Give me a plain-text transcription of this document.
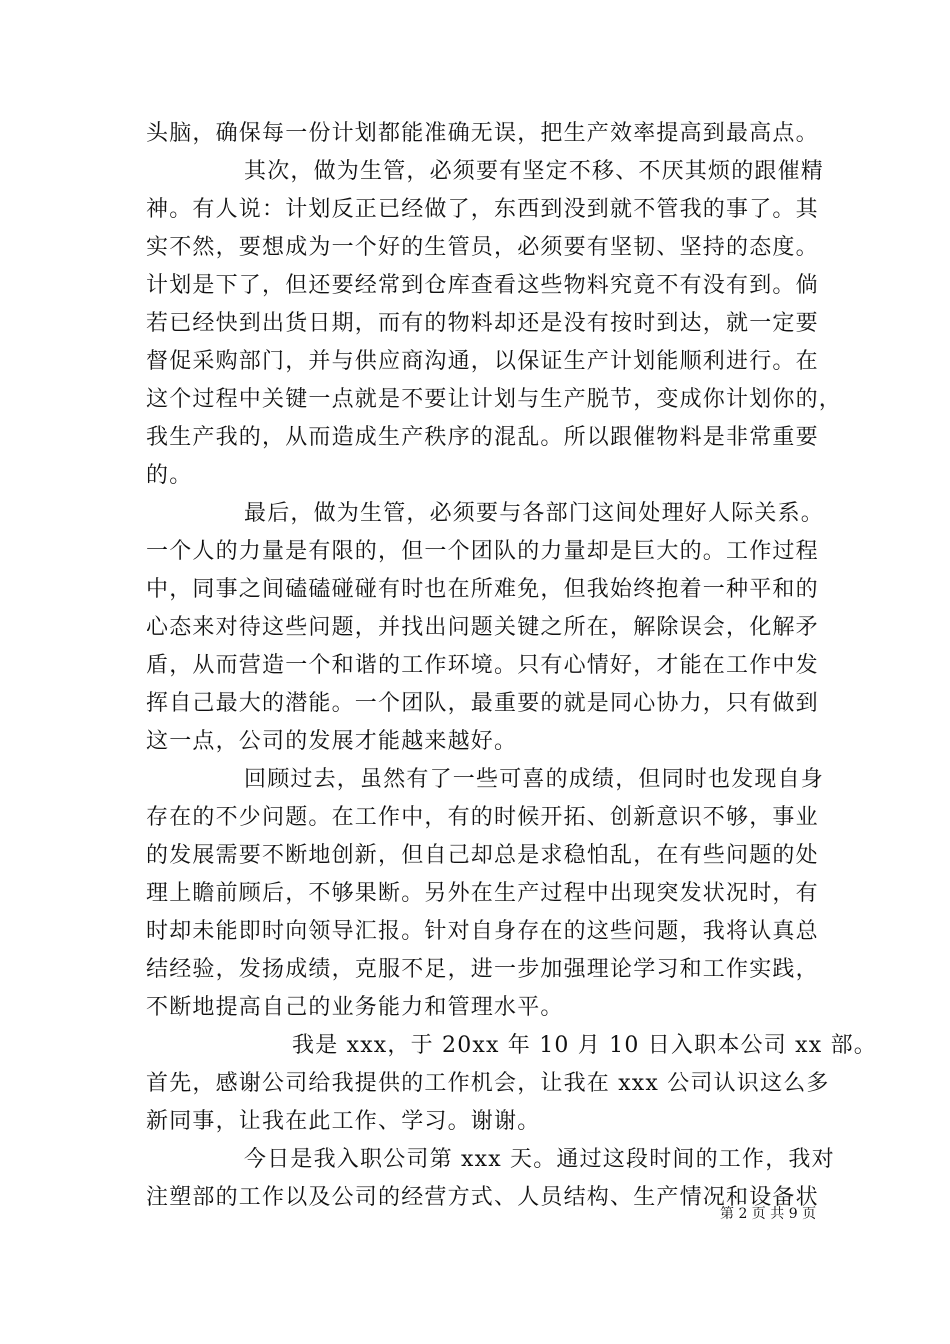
头脑，确保每一份计划都能准确无误，把生产效率提高到最高点。
其次，做为生管，必须要有坚定不移、不厌其烦的跟催精
神。有人说：计划反正已经做了，东西到没到就不管我的事了。其
实不然，要想成为一个好的生管员，必须要有坚韧、坚持的态度。
计划是下了，但还要经常到仓库查看这些物料究竟不有没有到。倘
若已经快到出货日期，而有的物料却还是没有按时到达，就一定要
督促采购部门，并与供应商沟通，以保证生产计划能顺利进行。在
这个过程中关键一点就是不要让计划与生产脱节，变成你计划你的，
我生产我的，从而造成生产秩序的混乱。所以跟催物料是非常重要
的。
最后，做为生管，必须要与各部门这间处理好人际关系。
一个人的力量是有限的，但一个团队的力量却是巨大的。工作过程
中，同事之间磕磕碰碰有时也在所难免，但我始终抱着一种平和的
心态来对待这些问题，并找出问题关键之所在，解除误会，化解矛
盾，从而营造一个和谐的工作环境。只有心情好，才能在工作中发
挥自己最大的潜能。一个团队，最重要的就是同心协力，只有做到
这一点，公司的发展才能越来越好。
回顾过去，虽然有了一些可喜的成绩，但同时也发现自身
存在的不少问题。在工作中，有的时候开拓、创新意识不够，事业
的发展需要不断地创新，但自己却总是求稳怕乱，在有些问题的处
理上瞻前顾后，不够果断。另外在生产过程中出现突发状况时，有
时却未能即时向领导汇报。针对自身存在的这些问题，我将认真总
结经验，发扬成绩，克服不足，进一步加强理论学习和工作实践，
不断地提高自己的业务能力和管理水平。
我是 xxx，于 20xx 年 10 月 10 日入职本公司 xx 部。
首先，感谢公司给我提供的工作机会，让我在 xxx 公司认识这么多
新同事，让我在此工作、学习。谢谢。
今日是我入职公司第 xxx 天。通过这段时间的工作，我对
注塑部的工作以及公司的经营方式、人员结构、生产情况和设备状
第 2 页 共 9 页
